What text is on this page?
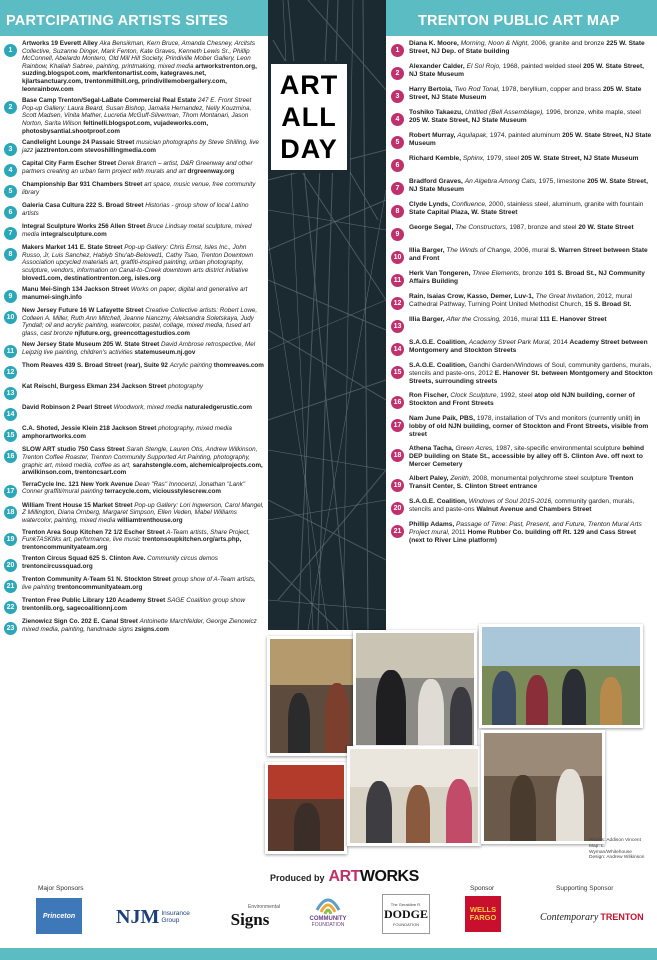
PARTCIPATING ARTISTS SITES	TRENTON PUBLIC ART MAP
ART
ALL
DAY
1
Artworks 19 Everett Alley Aka Bensikman, Kern Bruce, Amanda Chesney, Arcitsts Collective, Suzanne Dinger, Mark Fenton, Kate Graves, Kenneth Lewis Sr., Phillip McConnell, Abelardo Montero, Old Mill Hill Society, Prindiville Mober Gallery, Leon Rainbow, Khaliah Sabree, painting, printmaking, mixed media artworkstrenton.org, suzding.blogspot.com, markfentonartist.com, kategraves.net, kjlartsanctuary.com, trentonmillhill.org, prindivillemobergallery.com, leonrainbow.com
2
Base Camp Trenton/Segal-LaBate Commercial Real Estate 247 E. Front Street Pop-up Gallery: Laura Beard, Susan Bishop, Jamaila Hernandez, Nelly Kouzmina, Scott Madsen, Vinita Mather, Lucretia McGuff-Silverman, Thom Montanari, Jason Norton, Sarita Wilson feltinelli.blogspot.com, vujadeworks.com, photosbysantial.shootproof.com
3
Candlelight Lounge 24 Passaic Street musician photographs by Steve Shilling, live jazz jazztrenton.com stevoshillingmedia.com
4
Capital City Farm Escher Street Derek Branch – artist, D&R Greenway and other partners creating an urban farm project with murals and art drgreenway.org
5
Championship Bar 931 Chambers Street art space, music venue, free community library
6
Galeria Casa Cultura 222 S. Broad Street Historias - group show of local Latino artists
7
Integral Sculpture Works 256 Allen Street Bruce Lindsay metal sculpture, mixed media integralsculpture.com
8
Makers Market 141 E. State Street Pop-up Gallery: Chris Ernst, Isles Inc., John Russo, Jr, Luis Sanchez, Habiyb Shu'ab-Beloved1, Cathy Tsao, Trenton Downtown Association upcycled materials art, graffiti-inspired painting, urban photography, sculpture, vendors, information on Canal-to-Creek downtown arts district initiative bloved1.com, destinationtrenton.org, isles.org
9
Manu Mei-Singh 134 Jackson Street Works on paper, digital and generative art manumei-singh.info
10
New Jersey Future 16 W Lafayette Street Creative Collective artists: Robert Lowe, Colleen A. Miller, Ruth Ann Mitchell, Jeanne Nanczny, Aleksandra Soletskaya, Judy Tyndall; oil and acrylic painting, watercolor, pastel, collage, mixed media, fused art glass, cast bronze njfuture.org, greencottagestudios.com
11
New Jersey State Museum 205 W. State Street David Ambrose retrospective, Mel Leipzig live painting, children's activities statemuseum.nj.gov
12
Thom Reaves 439 S. Broad Street (rear), Suite 92 Acrylic painting thomreaves.com
13
Kat Reischl, Burgess Ekman 234 Jackson Street photography
14
David Robinson 2 Pearl Street Woodwork, mixed media naturaledgerustic.com
15
C.A. Shoted, Jessie Klein 218 Jackson Street photography, mixed media amphorartworks.com
16
SLOW ART studio 750 Cass Street Sarah Stengle, Lauren Otis, Andrew Wilkinson, Trenton Coffee Roaster, Trenton Community Supported Art Painting, photography, graphic art, mixed media, coffee as art, sarahstengle.com, alchemicalprojects.com, arwilkinson.com, trentoncsart.com
17
TerraCycle Inc. 121 New York Avenue Dean "Ras" Innocenzi, Jonathan "Lank" Conner graffiti/mural painting terracycle.com, viciousstylescrew.com
18
William Trent House 15 Market Street Pop-up Gallery: Lori Ingwerson, Carol Mangel, Z Millington, Diana Ornberg, Margaret Simpson, Ellen Veden, Mabel Williams watercolor, painting, mixed media williamtrenthouse.org
19
Trenton Area Soup Kitchen 72 1/2 Escher Street A-Team artists, Share Project, FunkTASKtiks art, performance, live music trentonsoupkitchen.org/arts.php, trentoncommunityateam.org
20
Trenton Circus Squad 625 S. Clinton Ave. Community circus demos trentoncircussquad.org
21
Trenton Community A-Team 51 N. Stockton Street group show of A-Team artists, live painting trentoncommunityateam.org
22
Trenton Free Public Library 120 Academy Street SAGE Coalition group show trentonlib.org, sagecoalitionnj.com
23
Zienowicz Sign Co. 202 E. Canal Street Antoinette Marchfelder, George Zienowicz mixed media, painting, handmade signs zsigns.com
1
Diana K. Moore, Morning, Noon & Night, 2006, granite and bronze 225 W. State Street, NJ Dep. of State building
2
Alexander Calder, El Sol Rojo, 1968, painted welded steel 205 W. State Street, NJ State Museum
3
Harry Bertoia, Two Rod Tonal, 1978, beryllium, copper and brass 205 W. State Street, NJ State Museum
4
Toshiko Takaezu, Untitled (Bell Assemblage), 1996, bronze, white maple, steel 205 W. State Street, NJ State Museum
5
Robert Murray, Aquilapak, 1974, painted aluminum 205 W. State Street, NJ State Museum
6
Richard Kemble, Sphinx, 1979, steel 205 W. State Street, NJ State Museum
7
Bradford Graves, An Algebra Among Cats, 1975, limestone 205 W. State Street, NJ State Museum
8
Clyde Lynds, Confluence, 2000, stainless steel, aluminum, granite with fountain State Capital Plaza, W. State Street
9
George Segal, The Constructors, 1987, bronze and steel 20 W. State Street
10
Illia Barger, The Winds of Change, 2006, mural S. Warren Street between State and Front
11
Herk Van Tongeren, Three Elements, bronze 101 S. Broad St., NJ Community Affairs Building
12
Rain, Isaias Crow, Kasso, Demer, Luv-1, The Great Invitation, 2012, mural Cathedral Pathway, Turning Point United Methodist Church, 15 S. Broad St.
13
Illia Barger, After the Crossing, 2016, mural 111 E. Hanover Street
14
S.A.G.E. Coalition, Academy Street Park Mural, 2014 Academy Street between Montgomery and Stockton Streets
15
S.A.G.E. Coalition, Gandhi Garden/Windows of Soul, community gardens, murals, stencils and paste-ons, 2012 E. Hanover St. between Montgomery and Stockton Streets, surrounding streets
16
Ron Fischer, Clock Sculpture, 1992, steel atop old NJN building, corner of Stockton and Front Streets
17
Nam June Paik, PBS, 1978, installation of TVs and monitors (currently unlit) in lobby of old NJN building, corner of Stockton and Front Streets, visible from street
18
Athena Tacha, Green Acres, 1987, site-specific environmental sculpture behind DEP building on State St., accessible by alley off S. Clinton Ave. off next to Mercer Cemetery
19
Albert Paley, Zenith, 2008, monumental polychrome steel sculpture Trenton Transit Center, S. Clinton Street entrance
20
S.A.G.E. Coalition, Windows of Soul 2015-2016, community garden, murals, stencils and paste-ons Walnut Avenue and Chambers Street
21
Phillip Adams, Passage of Time: Past, Present, and Future, Trenton Mural Arts Project mural, 2011 Home Rubber Co. building off Rt. 129 and Cass Street (next to River Line platform)
Photos: Addison Vincent
Map: L. Wyman/Whitehouse
Design: Andrew Wilkinson
Produced by ARTWORKS
Major Sponsors	Sponsor	Supporting Sponsor
Princeton	NJM Insurance
Group
Environmental
Signs	COMMUNITY
FOUNDATION
The Geraldine R.
DODGE
FOUNDATION
WELLS
FARGO	Contemporary TRENTON
